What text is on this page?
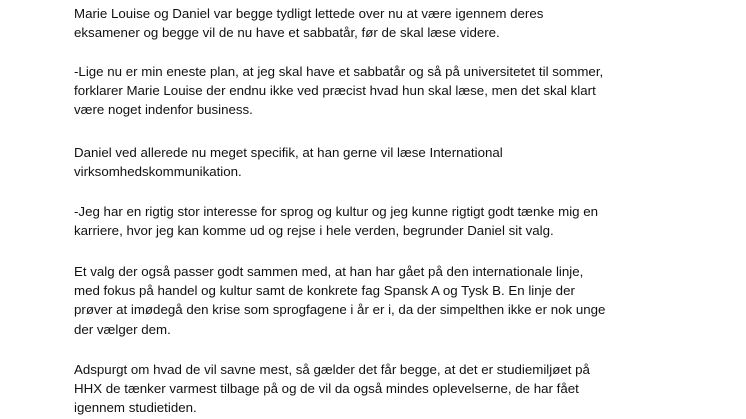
Marie Louise og Daniel var begge tydligt lettede over nu at være igennem deres
eksamener og begge vil de nu have et sabbatår, før de skal læse videre.

-Lige nu er min eneste plan, at jeg skal have et sabbatår og så på universitetet til sommer,
forklarer Marie Louise der endnu ikke ved præcist hvad hun skal læse, men det skal klart
være noget indenfor business.

Daniel ved allerede nu meget specifik, at han gerne vil læse International
virksomhedskommunikation.

-Jeg har en rigtig stor interesse for sprog og kultur og jeg kunne rigtigt godt tænke mig en
karriere, hvor jeg kan komme ud og rejse i hele verden, begrunder Daniel sit valg.

Et valg der også passer godt sammen med, at han har gået på den internationale linje,
med fokus på handel og kultur samt de konkrete fag Spansk A og Tysk B. En linje der
prøver at imødegå den krise som sprogfagene i år er i, da der simpelthen ikke er nok unge
der vælger dem.

Adspurgt om hvad de vil savne mest, så gælder det får begge, at det er studiemiljøet på
HHX de tænker varmest tilbage på og de vil da også mindes oplevelserne, de har fået
igennem studietiden.
